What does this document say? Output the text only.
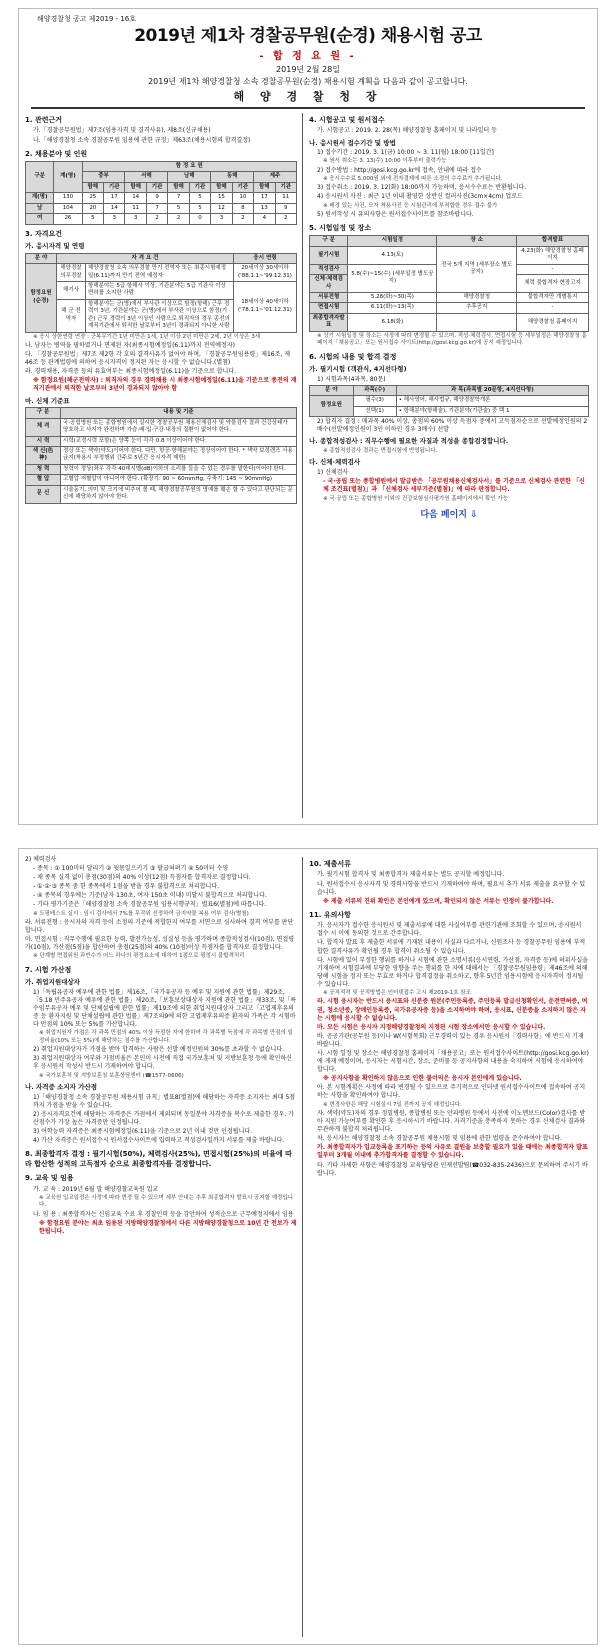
해양경찰청 공고 제2019 - 16호
2019년 제1차 경찰공무원(순경) 채용시험 공고
- 합 정 요 원 -
2019년 2월 28일
2019년 제1차 해양경찰청 소속 경찰공무원(순경) 채용시험 계획을 다음과 같이 공고합니다.
해 양 경 찰 청 장
1. 관련근거

가.「경찰공무원법」제7조(임용자격 및 결격사유), 제8조(신규채용)

나.「해양경찰청 소속 경찰공무원 임용에 관한 규정」제63조(채용시험의 합격결정)

2. 채용분야 및 인원
구분	계(명)	함 정 요 원									
		중부		서해		남해		동해		제주	
		함해	기관	함해	기관	함해	기관	함해	기관	함해	기관
계(명)	130	25	17	14	9	7	5	15	10	17	11
남	104	20	14	11	7	5	5	12	8	13	9
여	26	5	3	3	2	2	0	3	2	4	2
3. 자격요건
가. 응시자격 및 연령
분 야	자 격 요 건		응시 연령
함정요원(순경)	해양경찰 의무경찰	해양경찰청 소속 의무경찰 만기 전역자 또는 최종시험예정일(6.11)까지 만기 전역 예정자	20세이상 30세이하 ('88.1.1~'99.12.31)
	해기사	항해분야는 5급 항해사 이상, 기관분야는 5급 기관사 이상 면허를 소지한 사람	18세이상 40세이하 ('78.1.1~'01.12.31)
	해 군 전역자	항해분야는 군(병)에서 부사관 이상으로 함정(항해) 근무 경력이 3년, 기관분야는 군(병)에서 부사관 이상으로 함정(기관) 근무 경력이 3년 이상인 사람으로 퇴직자의 경우 종전의 재직기관에서 퇴직한 날로부터 3년이 경과되지 아니한 사람	

※ 응시 상한연령 연장 : 군복무기간 1년 미만은 1세, 1년 이상 2년 미만은 2세, 2년 이상은 3세

나. 남자는 병역을 필하였거나 면제된 자(최종시험예정일(6.11)까지 전역예정자)

다. 「경찰공무원법」제7조 제2항 각 호의 결격사유가 없어야 하며, 「경찰공무원임용령」제16조, 제46조 등 관계법령에 의하여 응시자격이 정지된 자는 응시할 수 없습니다.(별첨)

라. 경력채용, 자격증 등의 유효여부는 최종시험예정일(6.11)을 기준으로 합니다.

※ 함정요원(해군전역자) : 퇴직자의 경우 경력채용 시 최종시험예정일(6.11)을 기준으로 종전의 재직기관에서 퇴직한 날로부터 3년이 경과되지 않아야 함

마. 신체 기준표
구 분	내용 및 기준
체 격	국·공립병원 또는 종합병원에서 실시한 경찰공무원 채용신체검사 및 약물검사 결과 건강상태가 양호하고 사지가 완전하며 가슴·배·입·구강·내장의 질환이 없어야 한다.
시 력	시력(교정시력 포함)은 양쪽 눈이 각각 0.8 이상이어야 한다.
색 신(色 神)	정상 또는 색약(약도)이어야 한다. 다만, 항공·항해분야는 정상이어야 한다. * 색약 보정렌즈 사용금지(착용시 부정행위 간주로 5년간 응시자격 제한)
청 력	청력이 정상(좌우 각각 40데시벨(dB)이하의 소리를 들을 수 있는 경우를 말한다)이어야 한다.
혈 압	고혈압·저혈압이 아니어야 한다. (확장기: 90 ~ 60mmHg, 수축기: 145 ~ 90mmHg)
문 신	시술동기, 의미 및 크기에 비추어 볼 때, 해양경찰공무원의 명예를 훼손 할 수 있다고 판단되는 문신에 해당하지 않아야 한다.
4. 시험공고 및 원서접수

가. 시험공고 : 2019. 2. 28(목) 해양경찰청 홈페이지 및 나라일터 등

나. 응시원서 접수기간 및 방법

1) 접수기간 : 2019. 3. 1(금) 10:00 ~ 3. 11(월) 18:00 [11일간]

※ 원서 취소는 3. 13(수) 10:00 이후부터 출력가능

2) 접수방법 : http://gosi.kcg.go.kr에 접속, 안내에 따라 접수

※ 응시수수료 5,000원 외에 전자결제에 따른 소정의 수수료가 추가됩니다.

3) 접수취소 : 2019. 3. 12(화) 18:00까지 가능하며, 응시수수료는 반환됩니다.

4) 응시원서 사진 : 최근 1년 이내 촬영한 상반신 컬러사진(3cm×4cm) 업로드

※ 배경 있는 사진, 모자 착용사진 등 시험관리에 부적합한 경우 접수 불가

5) 원서작성 시 유의사항은 원서접수사이트를 참조바랍니다.

5. 시험일정 및 장소
구 분	시험일정	장 소	합격발표
필기시험	4.13(토)	전국 5개 지역 (세부장소 별도공지)	4.23(화) 해양경찰청 홈페이지
적성검사	5.8(수)~15(수) (세부일정 별도공지)		-
신체·체력검사			체력 불합격자 현장고지
서류전형	5.28(화)~30(목)	해양경찰청	불합격자만 개별통지
면접시험	6.11(화)~13(목)	추후공지	-
최종합격자발표	6.18(화)		해양경찰청 홈페이지

※ 상기 시험일정 및 장소는 사정에 따라 변경될 수 있으며, 적성·체력검사, 면접시험 등 세부일정은 해양경찰청 홈페이지「채용공고」또는 원서접수 사이트(http://gosi.kcg.go.kr)에 공지 예정입니다.

6. 시험의 내용 및 합격 결정
가. 필기시험 (객관식, 4지선다형)

1) 시험과목(4과목, 80문)

분 야	과목(수)	과 목(과목별 20문항, 4지선다형)
함정요원	필수(3)	• 해사영어, 해사법규, 해양경찰학개론
	선택(1)	• 항해분야(항해술), 기관분야(기관술) 중 택 1

2) 합격자 결정 : 매과목 40% 이상, 총점의 60% 이상 득점자 중에서 고득점자순으로 선발예정인원의 2배수(선발예정인원이 3인 이하인 경우 3배수) 선발

나. 종합적성검사 : 직무수행에 필요한 자질과 적성을 종합검정합니다.

※ 종합적성검사 결과는 면접시험에 반영됩니다.

다. 신체·체력검사

1) 신체검사

- 국·공립 또는 종합병원에서 발급받은 「공무원채용신체검사서」를 기준으로 신체검사 관련한 「신체 조건표(별첨)」과 「신체검사 세부기준(별첨)」에 따라 판정합니다.

※ 국·공립 또는 종합병원 이외의 건강보험심사평가원 홈페이지에서 확인 가능

다음 페이지 ⇩

2) 체력검사

- 종목 : ① 100미터 달리기 ② 윗몸일으키기 ③ 팔굽혀펴기 ④ 50미터 수영

- 채 종목 실격 없이 총점(30점)의 40% 이상(12점) 득점자를 합격자로 결정합니다.

- ①·②·③ 종목 중 한 종목에서 1점을 받을 경우 불합격으로 처리합니다.

- ④ 종목의 경우에는 기준(남자 130초, 여자 150초 이내) 미달시 불합격으로 처리합니다.

- 기타 평가기준은「해양경찰청 소속 경찰공무원 임용시행규칙」별표6(별첨)에 따릅니다.

※ 도핑테스트 실시 : 임시 검사에서 7%를 무작위 선정하여 금지약물 복용 여부 검사(별첨)

라. 서류전형 : 응시자의 자격 등이 소정의 기준에 적합한지 여부를 서면으로 심사하여 결격 여부를 판단합니다.

마. 면접시험 : 직무수행에 필요한 능력, 발전가능성, 성실성 등을 평가하며 종합적성검사(10점), 면접평가(10점), 가산점(5점)을 합산하여 총점(25점)의 40% (10점)이상 득점자를 합격자로 결정합니다.

※ 단계별 면접위원 과반수가 어느 하나의 평정요소에 대하여 1점으로 평정시 불합격처리

7. 시험 가산점
가. 취업지원대상자

1)「독립유공자 예우에 관한 법률」제16조,「국가유공자 등 예우 및 지원에 관한 법률」제29조,「5.18 민주유공자 예우에 관한 법률」제20조,「보훈보상대상자 지원에 관한 법률」제33조, 및「특수임무유공자 예우 및 단체설립에 관한 법률」제19조에 의한 취업지원대상자 그리고「고엽제후유의증 등 환자지원 및 단체설립에 관한 법률」제7조의9에 의한 고엽제후유의증 환자의 가족은 각 시험마다 만점의 10% 또는 5%를 가산합니다.

※ 취업지원자 가점은 각 과목 만점의 40% 이상 득점한 자에 한하여 각 과목별 득점에 각 과목별 만점의 일정비율(10% 또는 5%)에 해당하는 점수를 가산합니다.

2) 취업지원대상자가 가점을 받아 합격하는 사람은 선발 예정인원의 30%를 초과할 수 없습니다.

3) 취업지원대상자 여부와 가점비율은 본인이 사전에 직접 국가보훈처 및 지방보훈청 등에 확인하신 후 응시원서 작성시 반드시 기재하여야 합니다.

※ 국가보훈처 및 지방보훈청 보훈상담센터 (☎1577-0606)

나. 자격증 소지자 가산점

1)「해양경찰청 소속 경찰공무원 채용시험 규칙」별표8(별첨)에 해당하는 자격증 소지자는 최대 5점까지 가점을 받을 수 있습니다.

2) 응시자격요건에 해당하는 자격증은 가점에서 제외되며 동일분야 자격증을 복수로 제출한 경우, 가산점수가 가장 높은 자격증만 인정됩니다.

3) 어학능력 자격증은 최종시험예정일(6.11)을 기준으로 2년 이내 것만 인정됩니다.

4) 가산 자격증은 원서접수시 원서접수사이트에 입력하고 적성검사일까지 서류를 제출 바랍니다.

8. 최종합격자 결정 : 필기시험(50%), 체력검사(25%), 면접시험(25%)의 비율에 따라 합산한 성적의 고득점자 순으로 최종합격자를 결정합니다.
9. 교육 및 임용

가. 교 육 : 2019년 6월 말 해양경찰교육원 입교

※ 교육원 입교일정은 사정에 따라 변경 될 수 있으며 세부 안내는 추후 최종합격자 발표시 공지할 예정입니다.

나. 임 용 : 최종합격자는 신임교육 수료 후 경찰인력 등을 감안하여 성적순으로 근무예정지에서 임용

※ 함정요원 분야는 최초 임용된 지방해양경찰청에서 다른 지방해양경찰청으로 10년 간 전보가 제한됩니다.

10. 제출서류

가. 필기시험 합격자 및 최종합격자 제출서류는 별도 공지할 예정입니다.

나. 원서접수시 응시자격 및 경력사항을 반드시 기재하여야 하며, 필요시 추가 서류 제출을 요구할 수 있습니다.

※ 제출 서류의 진위 확인은 본인에게 있으며, 확인되지 않은 서류는 인정이 불가합니다.

11. 유의사항

가. 응시자가 접수한 응시원서 및 제출서류에 대한 사실여부를 관련기관에 조회할 수 있으며, 응시원서 접수 시 이에 동의한 것으로 간주합니다.

나. 합격자 발표 후 제출한 서류에 기재된 내용이 사실과 다르거나, 신원조사 등 경찰공무원 임용에 부적합한 결격사유가 확인될 경우 합격이 취소될 수 있습니다.

다. 시험에 있어 부정한 행위를 하거나 시험에 관한 소명서류(응시연령, 가산점, 자격증 등)에 허위사실을 기재하여 시험결과에 부당한 영향을 주는 행위를 한 자에 대해서는 「경찰공무원임용령」제46조에 의해 당해 시험을 정지 또는 무효로 하거나 합격결정을 취소하고, 향후 5년간 임용시험에 응시자격이 정지될 수 있습니다.

※ 공직적격 및 공직방법은 인터넷접수 고시 제2019-1호 참조

라. 시험 응시자는 반드시 응시표와 신분증 원본(주민등록증, 주민등록 발급신청확인서, 운전면허증, 여권, 청소년증, 장애인등록증, 국가유공자증 등)을 소지하여야 하며, 응시표, 신분증을 소지하지 않은 자는 시험에 응시할 수 없습니다.

마. 모든 시험은 응시자 지정해양경찰청의 지정된 시험 장소에서만 응시할 수 있습니다.

바. 공공기관(공무원 등)이나 W(시험목회) 근무경력이 있는 경우 응시원서「경력사항」에 반드시 기재바랍니다.

사. 시험 일정 및 장소는 해양경찰청 홈페이지「채용공고」또는 원서접수사이트(http://gosi.kcg.go.kr)에 게재 예정이며, 응시자는 시험시간, 장소, 준비물 등 공지사항의 내용을 숙지하여 시험에 응시하여야 합니다.

※ 공지사항을 확인하지 않음으로 인한 불이익은 응시자 본인에게 있습니다.

아. 본 시험계획은 사정에 따라 변경될 수 있으므로 주기적으로 인터넷 원서접수사이트에 접속하여 공지하는 사항을 확인하여야 합니다.

※ 변경사항은 해당 시험실시 7일 전까지 공지 예정입니다.

자. 색약(약도)자의 경우 정밀병원, 종합병원 또는 안과병원 등에서 사전에 이노맨보드(Color)검사를 받아 지원 가능여부를 확인한 후 응시하시기 바랍니다. 자격기준을 충족하지 못하는 경우 신체검사 결과와 무관하게 불합격 처리됩니다.

차. 응시자는 해양경찰청 소속 경찰공무원 채용시험 및 임용에 관한 법령을 준수하여야 합니다.

카. 최종합격자가 입교등록을 포기하는 등의 사유로 결원을 보충할 필요가 있을 때에는 최종합격자 발표일부터 3개월 이내에 추가합격자를 결정할 수 있습니다.

타. 기타 자세한 사항은 해양경찰청 교육담당관 인재선발팀(☎032-835-2436)으로 문의하여 주시기 바랍니다.
